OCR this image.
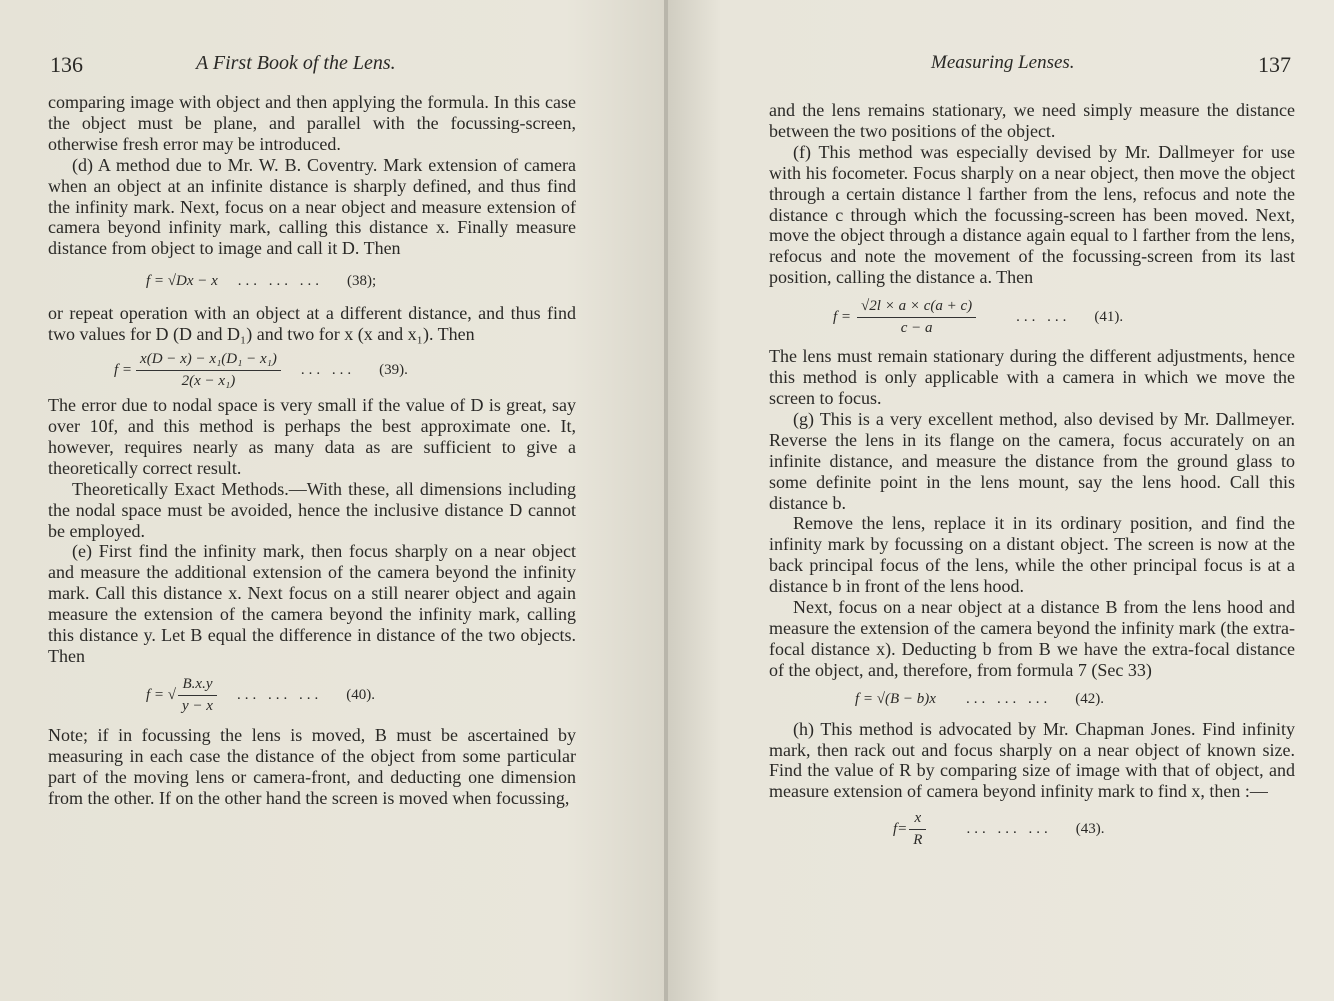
136	A First Book of the Lens.

comparing image with object and then applying the formula. In this case the object must be plane, and parallel with the focussing-screen, otherwise fresh error may be introduced.

(d) A method due to Mr. W. B. Coventry. Mark extension of camera when an object at an infinite distance is sharply defined, and thus find the infinity mark. Next, focus on a near object and measure extension of camera beyond infinity mark, calling this distance x. Finally measure distance from object to image and call it D. Then

f = √Dx − x ... ... ... (38);

or repeat operation with an object at a different distance, and thus find two values for D (D and D₁) and two for x (x and x₁). Then

$f = \frac{\text{x(D − x) − x₁(D₁ − x₁)}}{\text{2(x − x₁)}}$ ... ... (39).

The error due to nodal space is very small if the value of D is great, say over 10f, and this method is perhaps the best approximate one. It, however, requires nearly as many data as are sufficient to give a theoretically correct result.

Theoretically Exact Methods.—With these, all dimensions including the nodal space must be avoided, hence the inclusive distance D cannot be employed.

(e) First find the infinity mark, then focus sharply on a near object and measure the additional extension of the camera beyond the infinity mark. Call this distance x. Next focus on a still nearer object and again measure the extension of the camera beyond the infinity mark, calling this distance y. Let B equal the difference in distance of the two objects. Then

f = √ $\frac{B.x.y}{y - x}$ ... ... ... (40).

Note; if in focussing the lens is moved, B must be ascertained by measuring in each case the distance of the object from some particular part of the moving lens or camera-front, and deducting one dimension from the other. If on the other hand the screen is moved when focussing,

Measuring Lenses.	137

and the lens remains stationary, we need simply measure the distance between the two positions of the object.

(f) This method was especially devised by Mr. Dallmeyer for use with his focometer. Focus sharply on a near object, then move the object through a certain distance l farther from the lens, refocus and note the distance c through which the focussing-screen has been moved. Next, move the object through a distance again equal to l farther from the lens, refocus and note the movement of the focussing-screen from its last position, calling the distance a. Then

$f = \frac{√2l \times a \times c(a + c)}{c - a}$	... ... (41).

The lens must remain stationary during the different adjustments, hence this method is only applicable with a camera in which we move the screen to focus.

(g) This is a very excellent method, also devised by Mr. Dallmeyer. Reverse the lens in its flange on the camera, focus accurately on an infinite distance, and measure the distance from the ground glass to some definite point in the lens mount, say the lens hood. Call this distance b.

Remove the lens, replace it in its ordinary position, and find the infinity mark by focussing on a distant object. The screen is now at the back principal focus of the lens, while the other principal focus is at a distance b in front of the lens hood.

Next, focus on a near object at a distance B from the lens hood and measure the extension of the camera beyond the infinity mark (the extra-focal distance x). Deducting b from B we have the extra-focal distance of the object, and, therefore, from formula 7 (Sec 33)

f = √(B − b)x ... ... ... (42).

(h) This method is advocated by Mr. Chapman Jones. Find infinity mark, then rack out and focus sharply on a near object of known size. Find the value of R by comparing size of image with that of object, and measure extension of camera beyond infinity mark to find x, then :—

$f= \frac{x}{R}$	... ... ... (43).
